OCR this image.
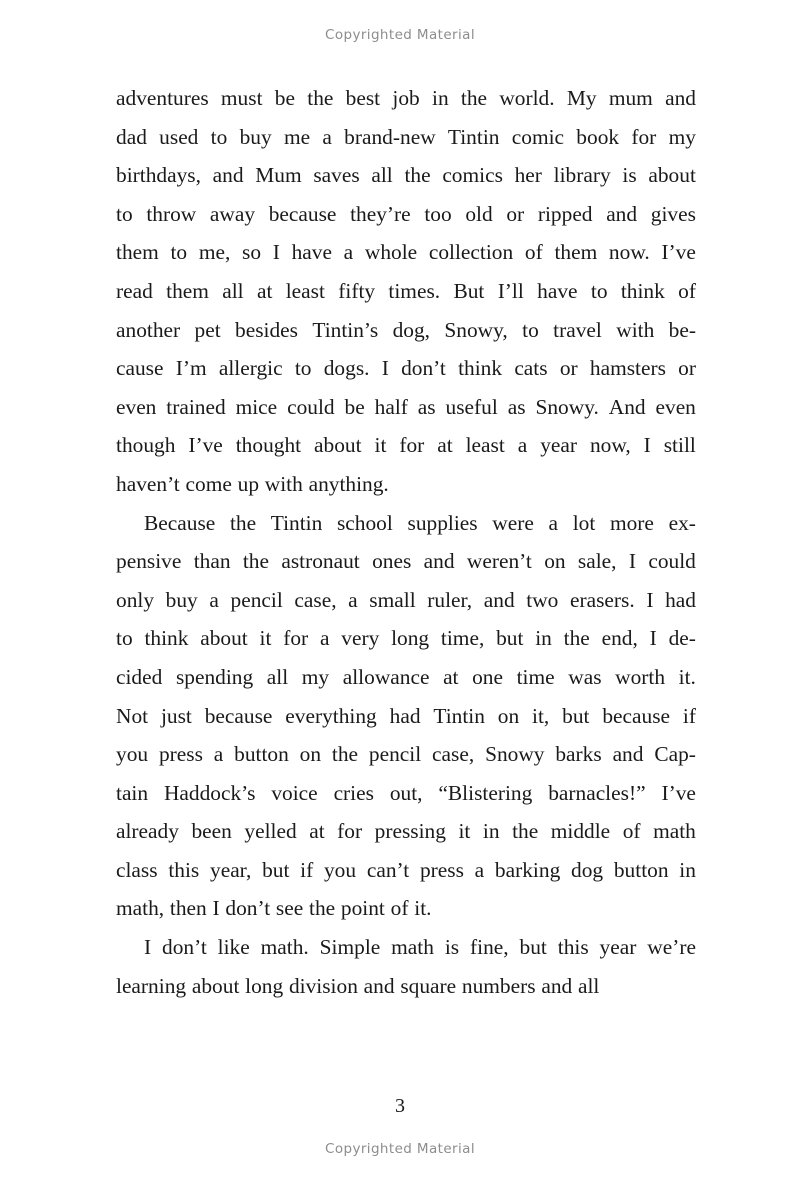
Copyrighted Material
adventures must be the best job in the world. My mum and
dad used to buy me a brand-new Tintin comic book for my
birthdays, and Mum saves all the comics her library is about
to throw away because they’re too old or ripped and gives
them to me, so I have a whole collection of them now. I’ve
read them all at least fifty times. But I’ll have to think of
another pet besides Tintin’s dog, Snowy, to travel with be-
cause I’m allergic to dogs. I don’t think cats or hamsters or
even trained mice could be half as useful as Snowy. And even
though I’ve thought about it for at least a year now, I still
haven’t come up with anything.
Because the Tintin school supplies were a lot more ex-
pensive than the astronaut ones and weren’t on sale, I could
only buy a pencil case, a small ruler, and two erasers. I had
to think about it for a very long time, but in the end, I de-
cided spending all my allowance at one time was worth it.
Not just because everything had Tintin on it, but because if
you press a button on the pencil case, Snowy barks and Cap-
tain Haddock’s voice cries out, “Blistering barnacles!” I’ve
already been yelled at for pressing it in the middle of math
class this year, but if you can’t press a barking dog button in
math, then I don’t see the point of it.
I don’t like math. Simple math is fine, but this year we’re
learning about long division and square numbers and all
3
Copyrighted Material
